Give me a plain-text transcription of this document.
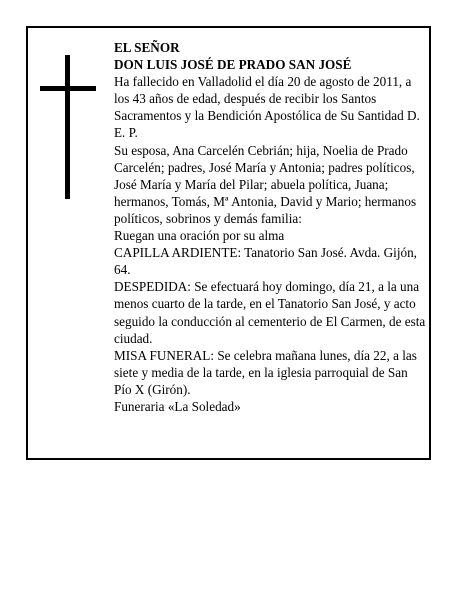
EL SEÑOR

DON LUIS JOSÉ DE PRADO SAN JOSÉ

Ha fallecido en Valladolid el día 20 de agosto de 2011, a los 43 años de edad, después de recibir los Santos Sacramentos y la Bendición Apostólica de Su Santidad D. E. P.

Su esposa, Ana Carcelén Cebrián; hija, Noelia de Prado Carcelén; padres, José María y Antonia; padres políticos, José María y María del Pilar; abuela política, Juana; hermanos, Tomás, Mª Antonia, David y Mario; hermanos políticos, sobrinos y demás familia:

Ruegan una oración por su alma

CAPILLA ARDIENTE: Tanatorio San José. Avda. Gijón, 64.

DESPEDIDA: Se efectuará hoy domingo, día 21, a la una menos cuarto de la tarde, en el Tanatorio San José, y acto seguido la conducción al cementerio de El Carmen, de esta ciudad.

MISA FUNERAL: Se celebra mañana lunes, día 22, a las siete y media de la tarde, en la iglesia parroquial de San Pío X (Girón).

Funeraria «La Soledad»
